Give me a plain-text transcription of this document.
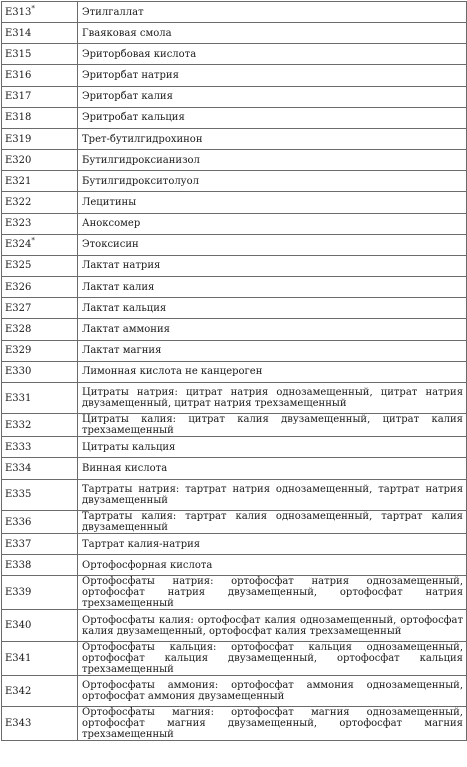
E313*	Этилгаллат
E314	Гваяковая смола
E315	Эриторбовая кислота
E316	Эриторбат натрия
E317	Эриторбат калия
E318	Эритробат кальция
E319	Трет-бутилгидрохинон
E320	Бутилгидроксианизол
E321	Бутилгидрокситолуол
E322	Лецитины
E323	Аноксомер
E324*	Этоксисин
E325	Лактат натрия
E326	Лактат калия
E327	Лактат кальция
E328	Лактат аммония
E329	Лактат магния
E330	Лимонная кислота не канцероген
E331	Цитраты натрия: цитрат натрия однозамещенный, цитрат натрия двузамещенный, цитрат натрия трехзамещенный
E332	Цитраты калия: цитрат калия двузамещенный, цитрат калия трехзамещенный
E333	Цитраты кальция
E334	Винная кислота
E335	Тартраты натрия: тартрат натрия однозамещенный, тартрат натрия двузамещенный
E336	Тартраты калия: тартрат калия однозамещенный, тартрат калия двузамещенный
E337	Тартрат калия-натрия
E338	Ортофосфорная кислота
E339	Ортофосфаты натрия: ортофосфат натрия однозамещенный, ортофосфат натрия двузамещенный, ортофосфат натрия трехзамещенный
E340	Ортофосфаты калия: ортофосфат калия однозамещенный, ортофосфат калия двузамещенный, ортофосфат калия трехзамещенный
E341	Ортофосфаты кальция: ортофосфат кальция однозамещенный, ортофосфат кальция двузамещенный, ортофосфат кальция трехзамещенный
E342	Ортофосфаты аммония: ортофосфат аммония однозамещенный, ортофосфат аммония двузамещенный
E343	Ортофосфаты магния: ортофосфат магния однозамещенный, ортофосфат магния двузамещенный, ортофосфат магния трехзамещенный
